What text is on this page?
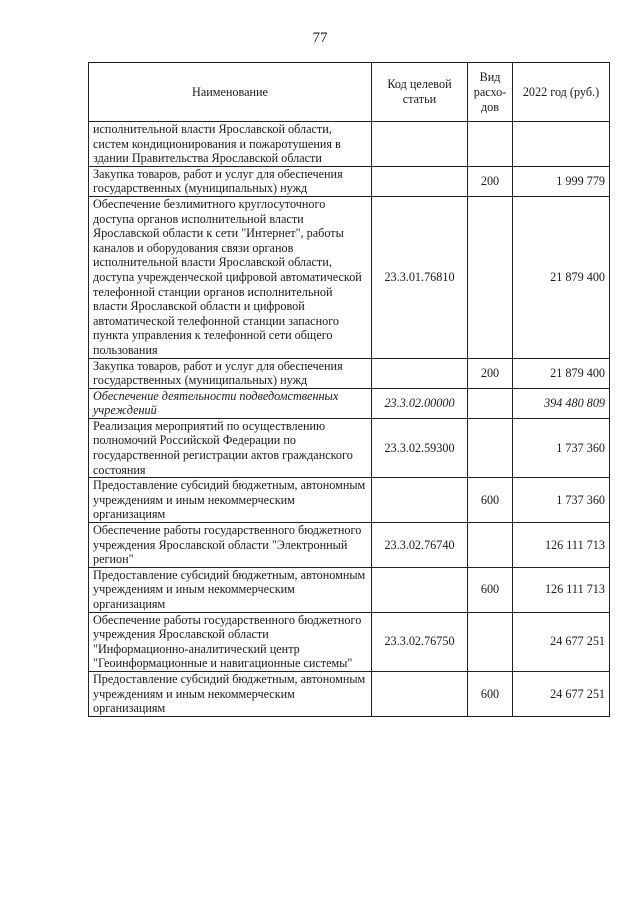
77
Наименование	Код целевой статьи	Вид расхо-дов	2022 год (руб.)
исполнительной власти Ярославской области, систем кондиционирования и пожаротушения в здании Правительства Ярославской области			
Закупка товаров, работ и услуг для обеспечения государственных (муниципальных) нужд		200	1 999 779
Обеспечение безлимитного круглосуточного доступа органов исполнительной власти Ярославской области к сети "Интернет", работы каналов и оборудования связи органов исполнительной власти Ярославской области, доступа учрежденческой цифровой автоматической телефонной станции органов исполнительной власти Ярославской области и цифровой автоматической телефонной станции запасного пункта управления к телефонной сети общего пользования	23.3.01.76810		21 879 400
Закупка товаров, работ и услуг для обеспечения государственных (муниципальных) нужд		200	21 879 400
Обеспечение деятельности подведомственных учреждений	23.3.02.00000		394 480 809
Реализация мероприятий по осуществлению полномочий Российской Федерации по государственной регистрации актов гражданского состояния	23.3.02.59300		1 737 360
Предоставление субсидий бюджетным, автономным учреждениям и иным некоммерческим организациям		600	1 737 360
Обеспечение работы государственного бюджетного учреждения Ярославской области "Электронный регион"	23.3.02.76740		126 111 713
Предоставление субсидий бюджетным, автономным учреждениям и иным некоммерческим организациям		600	126 111 713
Обеспечение работы государственного бюджетного учреждения Ярославской области "Информационно-аналитический центр "Геоинформационные и навигационные системы"	23.3.02.76750		24 677 251
Предоставление субсидий бюджетным, автономным учреждениям и иным некоммерческим организациям		600	24 677 251
